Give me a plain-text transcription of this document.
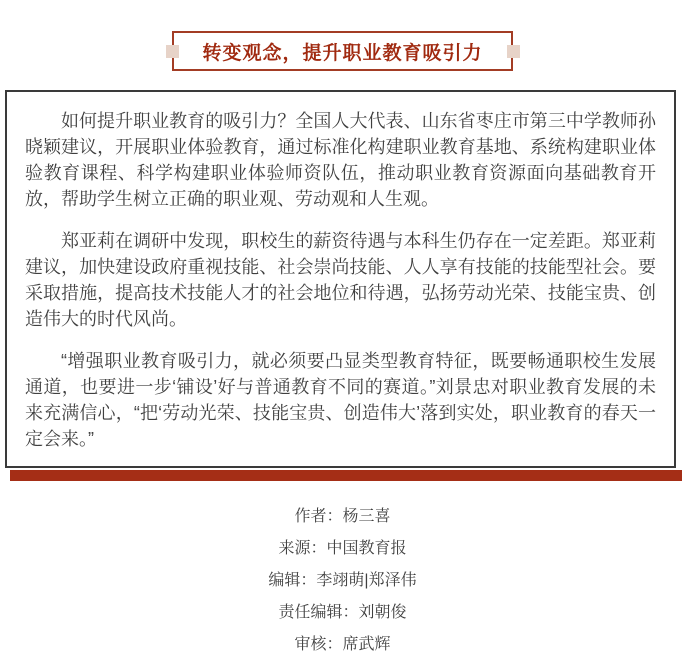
转变观念，提升职业教育吸引力

如何提升职业教育的吸引力？全国人大代表、山东省枣庄市第三中学教师孙晓颖建议，开展职业体验教育，通过标准化构建职业教育基地、系统构建职业体验教育课程、科学构建职业体验师资队伍，推动职业教育资源面向基础教育开放，帮助学生树立正确的职业观、劳动观和人生观。

郑亚莉在调研中发现，职校生的薪资待遇与本科生仍存在一定差距。郑亚莉建议，加快建设政府重视技能、社会崇尚技能、人人享有技能的技能型社会。要采取措施，提高技术技能人才的社会地位和待遇，弘扬劳动光荣、技能宝贵、创造伟大的时代风尚。

“增强职业教育吸引力，就必须要凸显类型教育特征，既要畅通职校生发展通道，也要进一步‘铺设’好与普通教育不同的赛道。”刘景忠对职业教育发展的未来充满信心，“把‘劳动光荣、技能宝贵、创造伟大’落到实处，职业教育的春天一定会来。”

作者：杨三喜
来源：中国教育报
编辑：李翊萌|郑泽伟
责任编辑：刘朝俊
审核：席武辉
